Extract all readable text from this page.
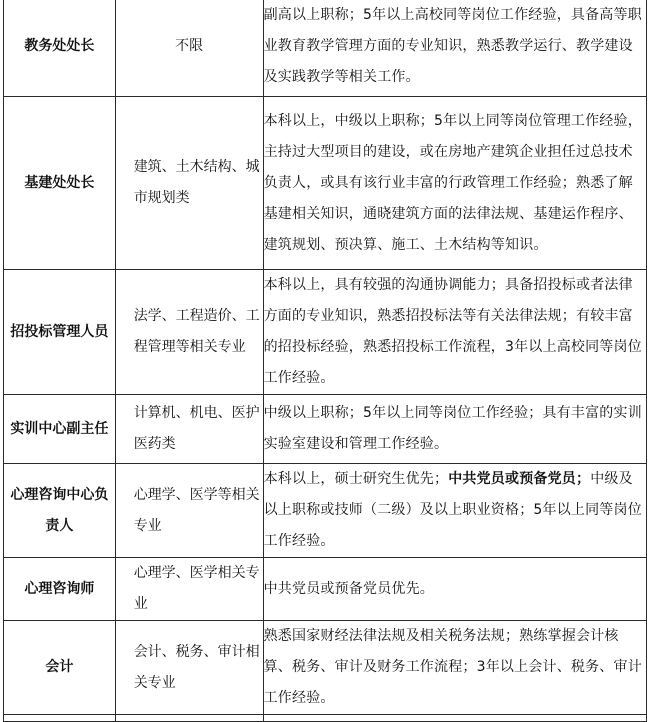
教务处处长	不限	副高以上职称；5年以上高校同等岗位工作经验，具备高等职业教育教学管理方面的专业知识，熟悉教学运行、教学建设及实践教学等相关工作。
基建处处长	建筑、土木结构、城市规划类	本科以上，中级以上职称；5年以上同等岗位管理工作经验，主持过大型项目的建设，或在房地产建筑企业担任过总技术负责人，或具有该行业丰富的行政管理工作经验；熟悉了解基建相关知识，通晓建筑方面的法律法规、基建运作程序、建筑规划、预决算、施工、土木结构等知识。
招投标管理人员	法学、工程造价、工程管理等相关专业	本科以上，具有较强的沟通协调能力；具备招投标或者法律方面的专业知识，熟悉招投标法等有关法律法规；有较丰富的招投标经验，熟悉招投标工作流程，3年以上高校同等岗位工作经验。
实训中心副主任	计算机、机电、医护医药类	中级以上职称；5年以上同等岗位工作经验；具有丰富的实训实验室建设和管理工作经验。
心理咨询中心负责人	心理学、医学等相关专业	本科以上，硕士研究生优先；中共党员或预备党员；中级及以上职称或技师（二级）及以上职业资格；5年以上同等岗位工作经验。
心理咨询师	心理学、医学相关专业	中共党员或预备党员优先。
会计	会计、税务、审计相关专业	熟悉国家财经法律法规及相关税务法规；熟练掌握会计核算、税务、审计及财务工作流程；3年以上会计、税务、审计工作经验。
